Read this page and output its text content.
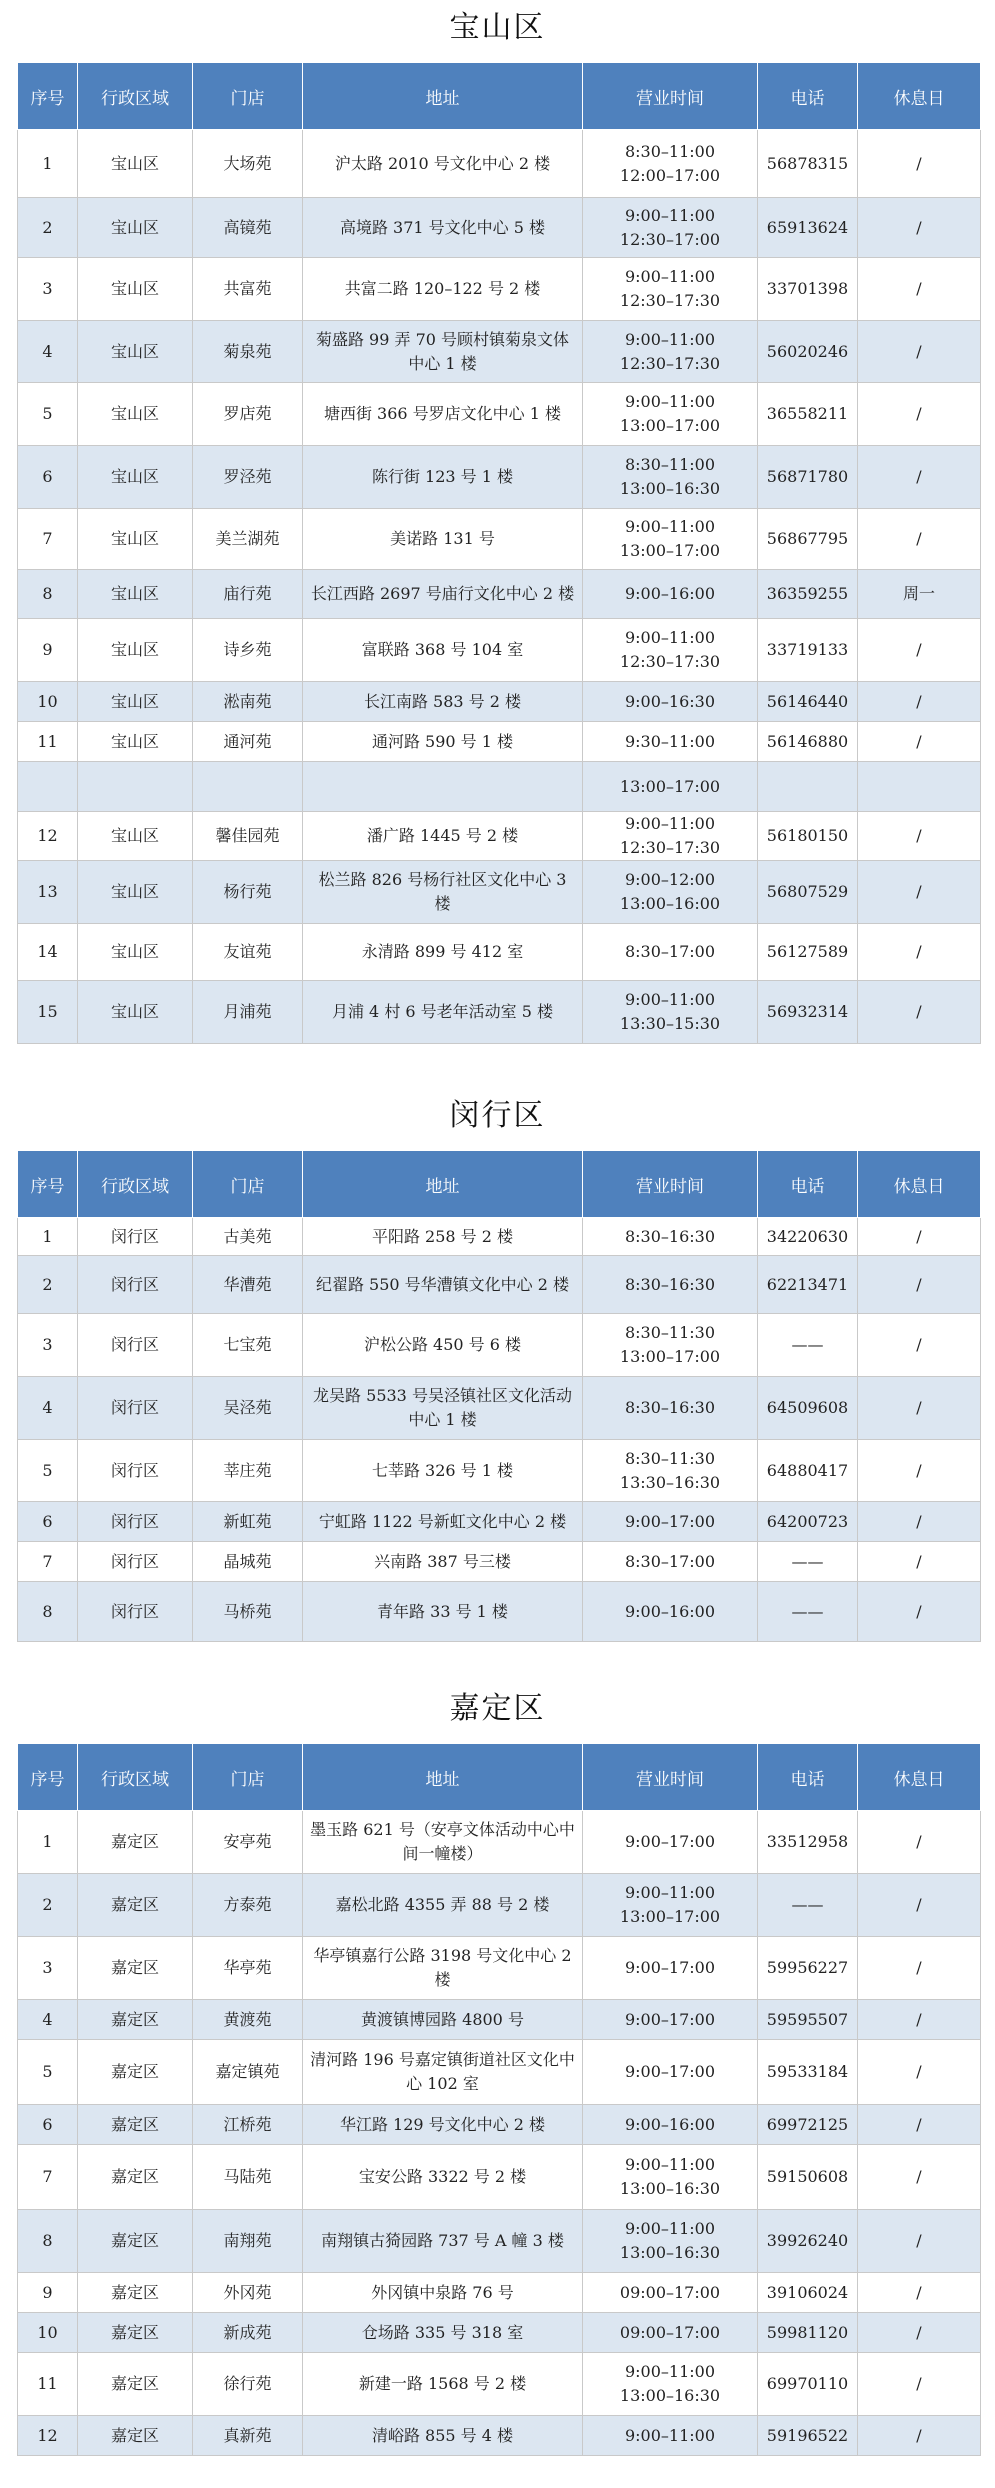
宝山区
序号	行政区域	门店	地址	营业时间	电话	休息日
1	宝山区	大场苑	沪太路 2010 号文化中心 2 楼	8:30–11:00
12:00–17:00	56878315	/
2	宝山区	高镜苑	高境路 371 号文化中心 5 楼	9:00–11:00
12:30–17:00	65913624	/
3	宝山区	共富苑	共富二路 120–122 号 2 楼	9:00–11:00
12:30–17:30	33701398	/
4	宝山区	菊泉苑	菊盛路 99 弄 70 号顾村镇菊泉文体中心 1 楼	9:00–11:00
12:30–17:30	56020246	/
5	宝山区	罗店苑	塘西街 366 号罗店文化中心 1 楼	9:00–11:00
13:00–17:00	36558211	/
6	宝山区	罗泾苑	陈行街 123 号 1 楼	8:30–11:00
13:00–16:30	56871780	/
7	宝山区	美兰湖苑	美诺路 131 号	9:00–11:00
13:00–17:00	56867795	/
8	宝山区	庙行苑	长江西路 2697 号庙行文化中心 2 楼	9:00–16:00	36359255	周一
9	宝山区	诗乡苑	富联路 368 号 104 室	9:00–11:00
12:30–17:30	33719133	/
10	宝山区	淞南苑	长江南路 583 号 2 楼	9:00–16:30	56146440	/
11	宝山区	通河苑	通河路 590 号 1 楼	9:30–11:00	56146880	/

				13:00–17:00		

12	宝山区	馨佳园苑	潘广路 1445 号 2 楼	9:00–11:00
12:30–17:30	56180150	/
13	宝山区	杨行苑	松兰路 826 号杨行社区文化中心 3 楼	9:00–12:00
13:00–16:00	56807529	/
14	宝山区	友谊苑	永清路 899 号 412 室	8:30–17:00	56127589	/
15	宝山区	月浦苑	月浦 4 村 6 号老年活动室 5 楼	9:00–11:00
13:30–15:30	56932314	/
闵行区
序号	行政区域	门店	地址	营业时间	电话	休息日
1	闵行区	古美苑	平阳路 258 号 2 楼	8:30–16:30	34220630	/
2	闵行区	华漕苑	纪翟路 550 号华漕镇文化中心 2 楼	8:30–16:30	62213471	/
3	闵行区	七宝苑	沪松公路 450 号 6 楼	8:30–11:30
13:00–17:00	——	/
4	闵行区	吴泾苑	龙吴路 5533 号吴泾镇社区文化活动中心 1 楼	8:30–16:30	64509608	/
5	闵行区	莘庄苑	七莘路 326 号 1 楼	8:30–11:30
13:30–16:30	64880417	/
6	闵行区	新虹苑	宁虹路 1122 号新虹文化中心 2 楼	9:00–17:00	64200723	/
7	闵行区	晶城苑	兴南路 387 号三楼	8:30–17:00	——	/
8	闵行区	马桥苑	青年路 33 号 1 楼	9:00–16:00	——	/
嘉定区
序号	行政区域	门店	地址	营业时间	电话	休息日
1	嘉定区	安亭苑	墨玉路 621 号（安亭文体活动中心中间一幢楼）	9:00–17:00	33512958	/
2	嘉定区	方泰苑	嘉松北路 4355 弄 88 号 2 楼	9:00–11:00
13:00–17:00	——	/
3	嘉定区	华亭苑	华亭镇嘉行公路 3198 号文化中心 2 楼	9:00–17:00	59956227	/
4	嘉定区	黄渡苑	黄渡镇博园路 4800 号	9:00–17:00	59595507	/
5	嘉定区	嘉定镇苑	清河路 196 号嘉定镇街道社区文化中心 102 室	9:00–17:00	59533184	/
6	嘉定区	江桥苑	华江路 129 号文化中心 2 楼	9:00–16:00	69972125	/
7	嘉定区	马陆苑	宝安公路 3322 号 2 楼	9:00–11:00
13:00–16:30	59150608	/
8	嘉定区	南翔苑	南翔镇古猗园路 737 号 A 幢 3 楼	9:00–11:00
13:00–16:30	39926240	/
9	嘉定区	外冈苑	外冈镇中泉路 76 号	09:00–17:00	39106024	/
10	嘉定区	新成苑	仓场路 335 号 318 室	09:00–17:00	59981120	/
11	嘉定区	徐行苑	新建一路 1568 号 2 楼	9:00–11:00
13:00–16:30	69970110	/
12	嘉定区	真新苑	清峪路 855 号 4 楼	9:00–11:00	59196522	/
